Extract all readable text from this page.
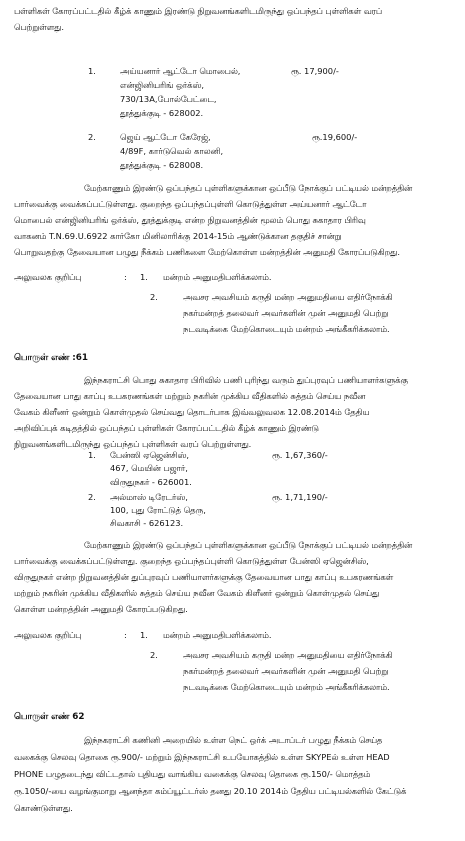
பள்ளிகள் கோரப்பட்டதில் கீழ்க் காணும் இரண்டு நிறுவனங்களிடமிருந்து ஒப்பந்தப் புள்ளிகள் வரப்
பெற்றுள்ளது.
1.	அய்யனார் ஆட்டோ மொபைல்,
என்ஜினியரிங் ஒர்க்ஸ்,
730/13A,போல்பேட்டை,
தூத்துக்குடி - 628002.
ரூ. 17,900/-
2.	ஜெய் ஆட்டோ கேரேஜ்,
4/89F, கார்டுவெல் காலனி,
தூத்துக்குடி - 628008.
ரூ.19,600/-
மேற்காணும் இரண்டு ஒப்பந்தப் புள்ளிகளுக்கான ஒப்பீடு நோக்குப் பட்டியல் மன்றத்தின்
பார்வைக்கு வைக்கப்பட்டுள்ளது. குறைந்த ஒப்பந்தப்புள்ளி கொடுத்துள்ள அய்யனார் ஆட்டோ
மொபைல் என்ஜினியரிங் ஒர்க்ஸ், தூத்துக்குடி என்ற நிறுவனத்தின் மூலம் பொது சுகாதார பிரிவு
வாகனம் T.N.69.U.6922 கார்கோ மினிலாரிக்கு 2014-15ம் ஆண்டுக்கான தகுதிச் சான்று
பொறுவதற்கு தேவையான பழுது நீக்கம் பணிகளை மேற்கொள்ள மன்றத்தின் அனுமதி கோரப்படுகிறது.
அலுவலக குறிப்பு	: 1. மன்றம் அனுமதிபளிக்கலாம்.
2.	அவசர அவசியம் கருதி மன்ற அனுமதியை எதிர்நோக்கி
நகர்மன்றத் தலைவர் அவர்களின் முன் அனுமதி பெற்று
நடவடிக்கை மேற்கொடையும் மன்றம் அங்கீகரிக்கலாம்.
பொருள் எண் :61
இந்நகராட்சி பொது சுகாதார பிரிவில் பணி புரிந்து வரும் துப்புரவுப் பணியாளர்களுக்கு
தேவையான பாது காப்பு உபகரணங்கள் மற்றும் நகரின் முக்கிய வீதிகளில் சுத்தம் செய்ய நவீன
வேகம் கிளீனர் ஒன்றும் கொள்முதல் செய்வது தொடர்பாக இவ்வலுவலக 12.08.2014ம் தேதிய
அறிவிப்புக் கடிதத்தில் ஒப்பந்தப் புள்ளிகள் கோரப்பட்டதில் கீழ்க் காணும் இரண்டு
நிறுவனங்களிடமிருந்து ஒப்பந்தப் புள்ளிகள் வரப் பெற்றுள்ளது.
1. பேன்ஸி ஏஜென்சிஸ்,
467, மெயின் பஜார்,
விருதுநகர் - 626001.
ரூ. 1,67,360/-
2. அல்மாஸ் டிரேடர்ஸ்,
100, புது ரோட்டுத் தெரு,
சிவகாசி - 626123.
ரூ. 1,71,190/-
மேற்காணும் இரண்டு ஒப்பந்தப் புள்ளிகளுக்கான ஒப்பீடு நோக்குப் பட்டியல் மன்றத்தின்
பார்வைக்கு வைக்கப்பட்டுள்ளது. குறைந்த ஒப்பந்தப்புள்ளி கொடுத்துள்ள பேன்ஸி ஏஜென்சிஸ்,
விருதுநகர் என்ற நிறுவனத்தின் துப்புரவுப் பணியாளர்களுக்கு தேவையான பாது காப்பு உபகரணங்கள்
மற்றும் நகரின் முக்கிய வீதிகளில் சுத்தம் செய்ய நவீன வேகம் கிளீனர் ஒன்றும் கொள்முதல் செய்து
கொள்ள மன்றத்தின் அனுமதி கோரப்படுகிறது.
அலுவலக குறிப்பு	: 1. மன்றம் அனுமதிபளிக்கலாம்.
2.	அவசர அவசியம் கருதி மன்ற அனுமதியை எதிர்நோக்கி
நகர்மன்றத் தலைவர் அவர்களின் முன் அனுமதி பெற்று
நடவடிக்கை மேற்கொடையும் மன்றம் அங்கீகரிக்கலாம்.
பொருள் எண் 62
இந்நகராட்சி கணினி அறையில் உள்ள நெட் ஒர்க் அடாப்டர் பழுது நீக்கம் செய்த
வகைக்கு செலவு தொகை ரூ.900/- மற்றும் இந்நகராட்சி உபயோகத்தில் உள்ள SKYPEல் உள்ள HEAD
PHONE பழுதடைந்து விட்டதால் புதியது வாங்கிய வகைக்கு செலவு தொகை ரூ.150/- மொத்தம்
ரூ.1050/-யை வழங்குமாறு ஆனந்தா கம்ப்யூட்டர்ஸ் தனது 20.10 2014ம் தேதிய பட்டியல்களில் கேட்டுக்
கொண்டுள்ளது.
